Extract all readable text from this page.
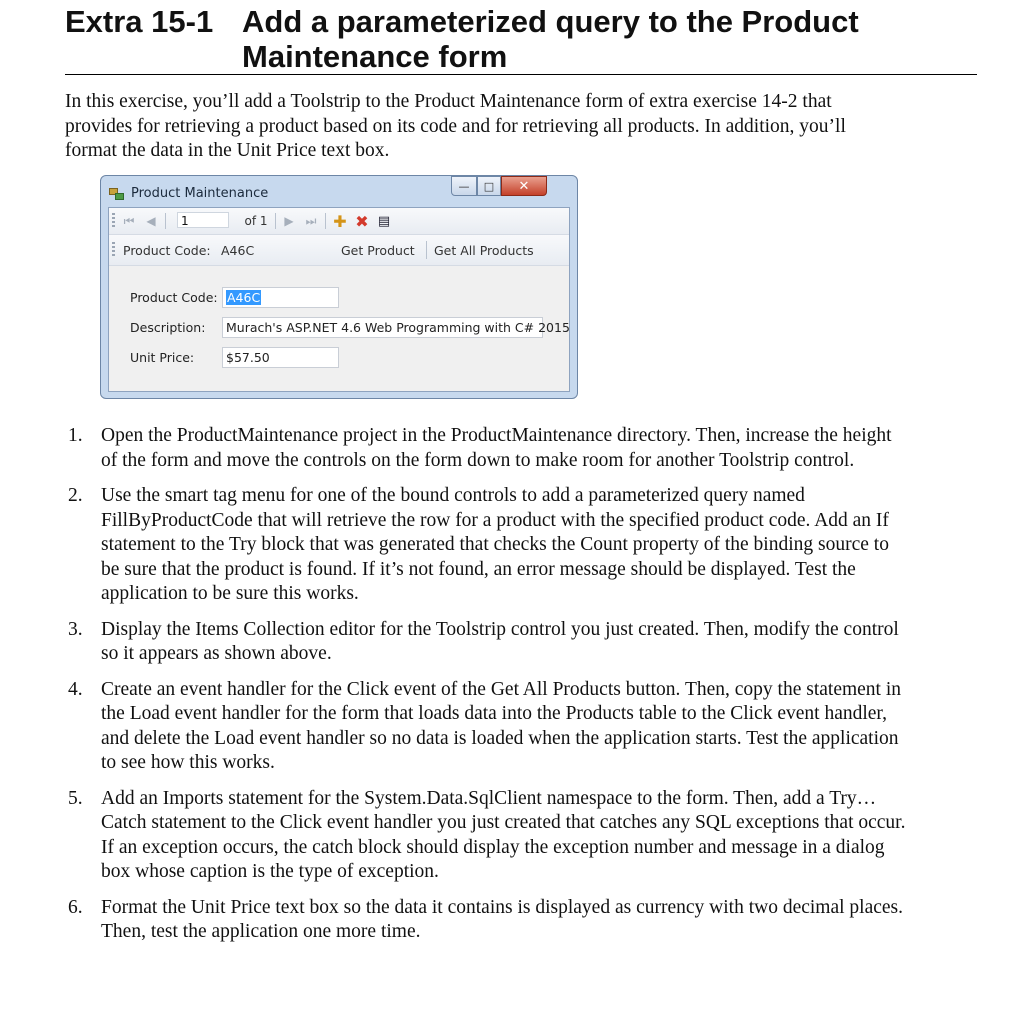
Extra 15-1 Add a parameterized query to the Product Maintenance form

In this exercise, you’ll add a Toolstrip to the Product Maintenance form of extra exercise 14-2 that provides for retrieving a product based on its code and for retrieving all products. In addition, you’ll format the data in the Unit Price text box.

Product Maintenance	—	□	✕
⏮ ◀	1	of 1 ▶ ⏭ ✚ ✖ ▤
Product Code: A46C	Get Product Get All Products
Product Code: A46C
Description:	Murach's ASP.NET 4.6 Web Programming with C# 2015
Unit Price:	$57.50
1. Open the ProductMaintenance project in the ProductMaintenance directory. Then, increase the height of the form and move the controls on the form down to make room for another Toolstrip control.
2. Use the smart tag menu for one of the bound controls to add a parameterized query named FillByProductCode that will retrieve the row for a product with the specified product code. Add an If statement to the Try block that was generated that checks the Count property of the binding source to be sure that the product is found. If it’s not found, an error message should be displayed. Test the application to be sure this works.
3. Display the Items Collection editor for the Toolstrip control you just created. Then, modify the control so it appears as shown above.
4. Create an event handler for the Click event of the Get All Products button. Then, copy the statement in the Load event handler for the form that loads data into the Products table to the Click event handler, and delete the Load event handler so no data is loaded when the application starts. Test the application to see how this works.
5. Add an Imports statement for the System.Data.SqlClient namespace to the form. Then, add a Try…Catch statement to the Click event handler you just created that catches any SQL exceptions that occur. If an exception occurs, the catch block should display the exception number and message in a dialog box whose caption is the type of exception.
6. Format the Unit Price text box so the data it contains is displayed as currency with two decimal places. Then, test the application one more time.
